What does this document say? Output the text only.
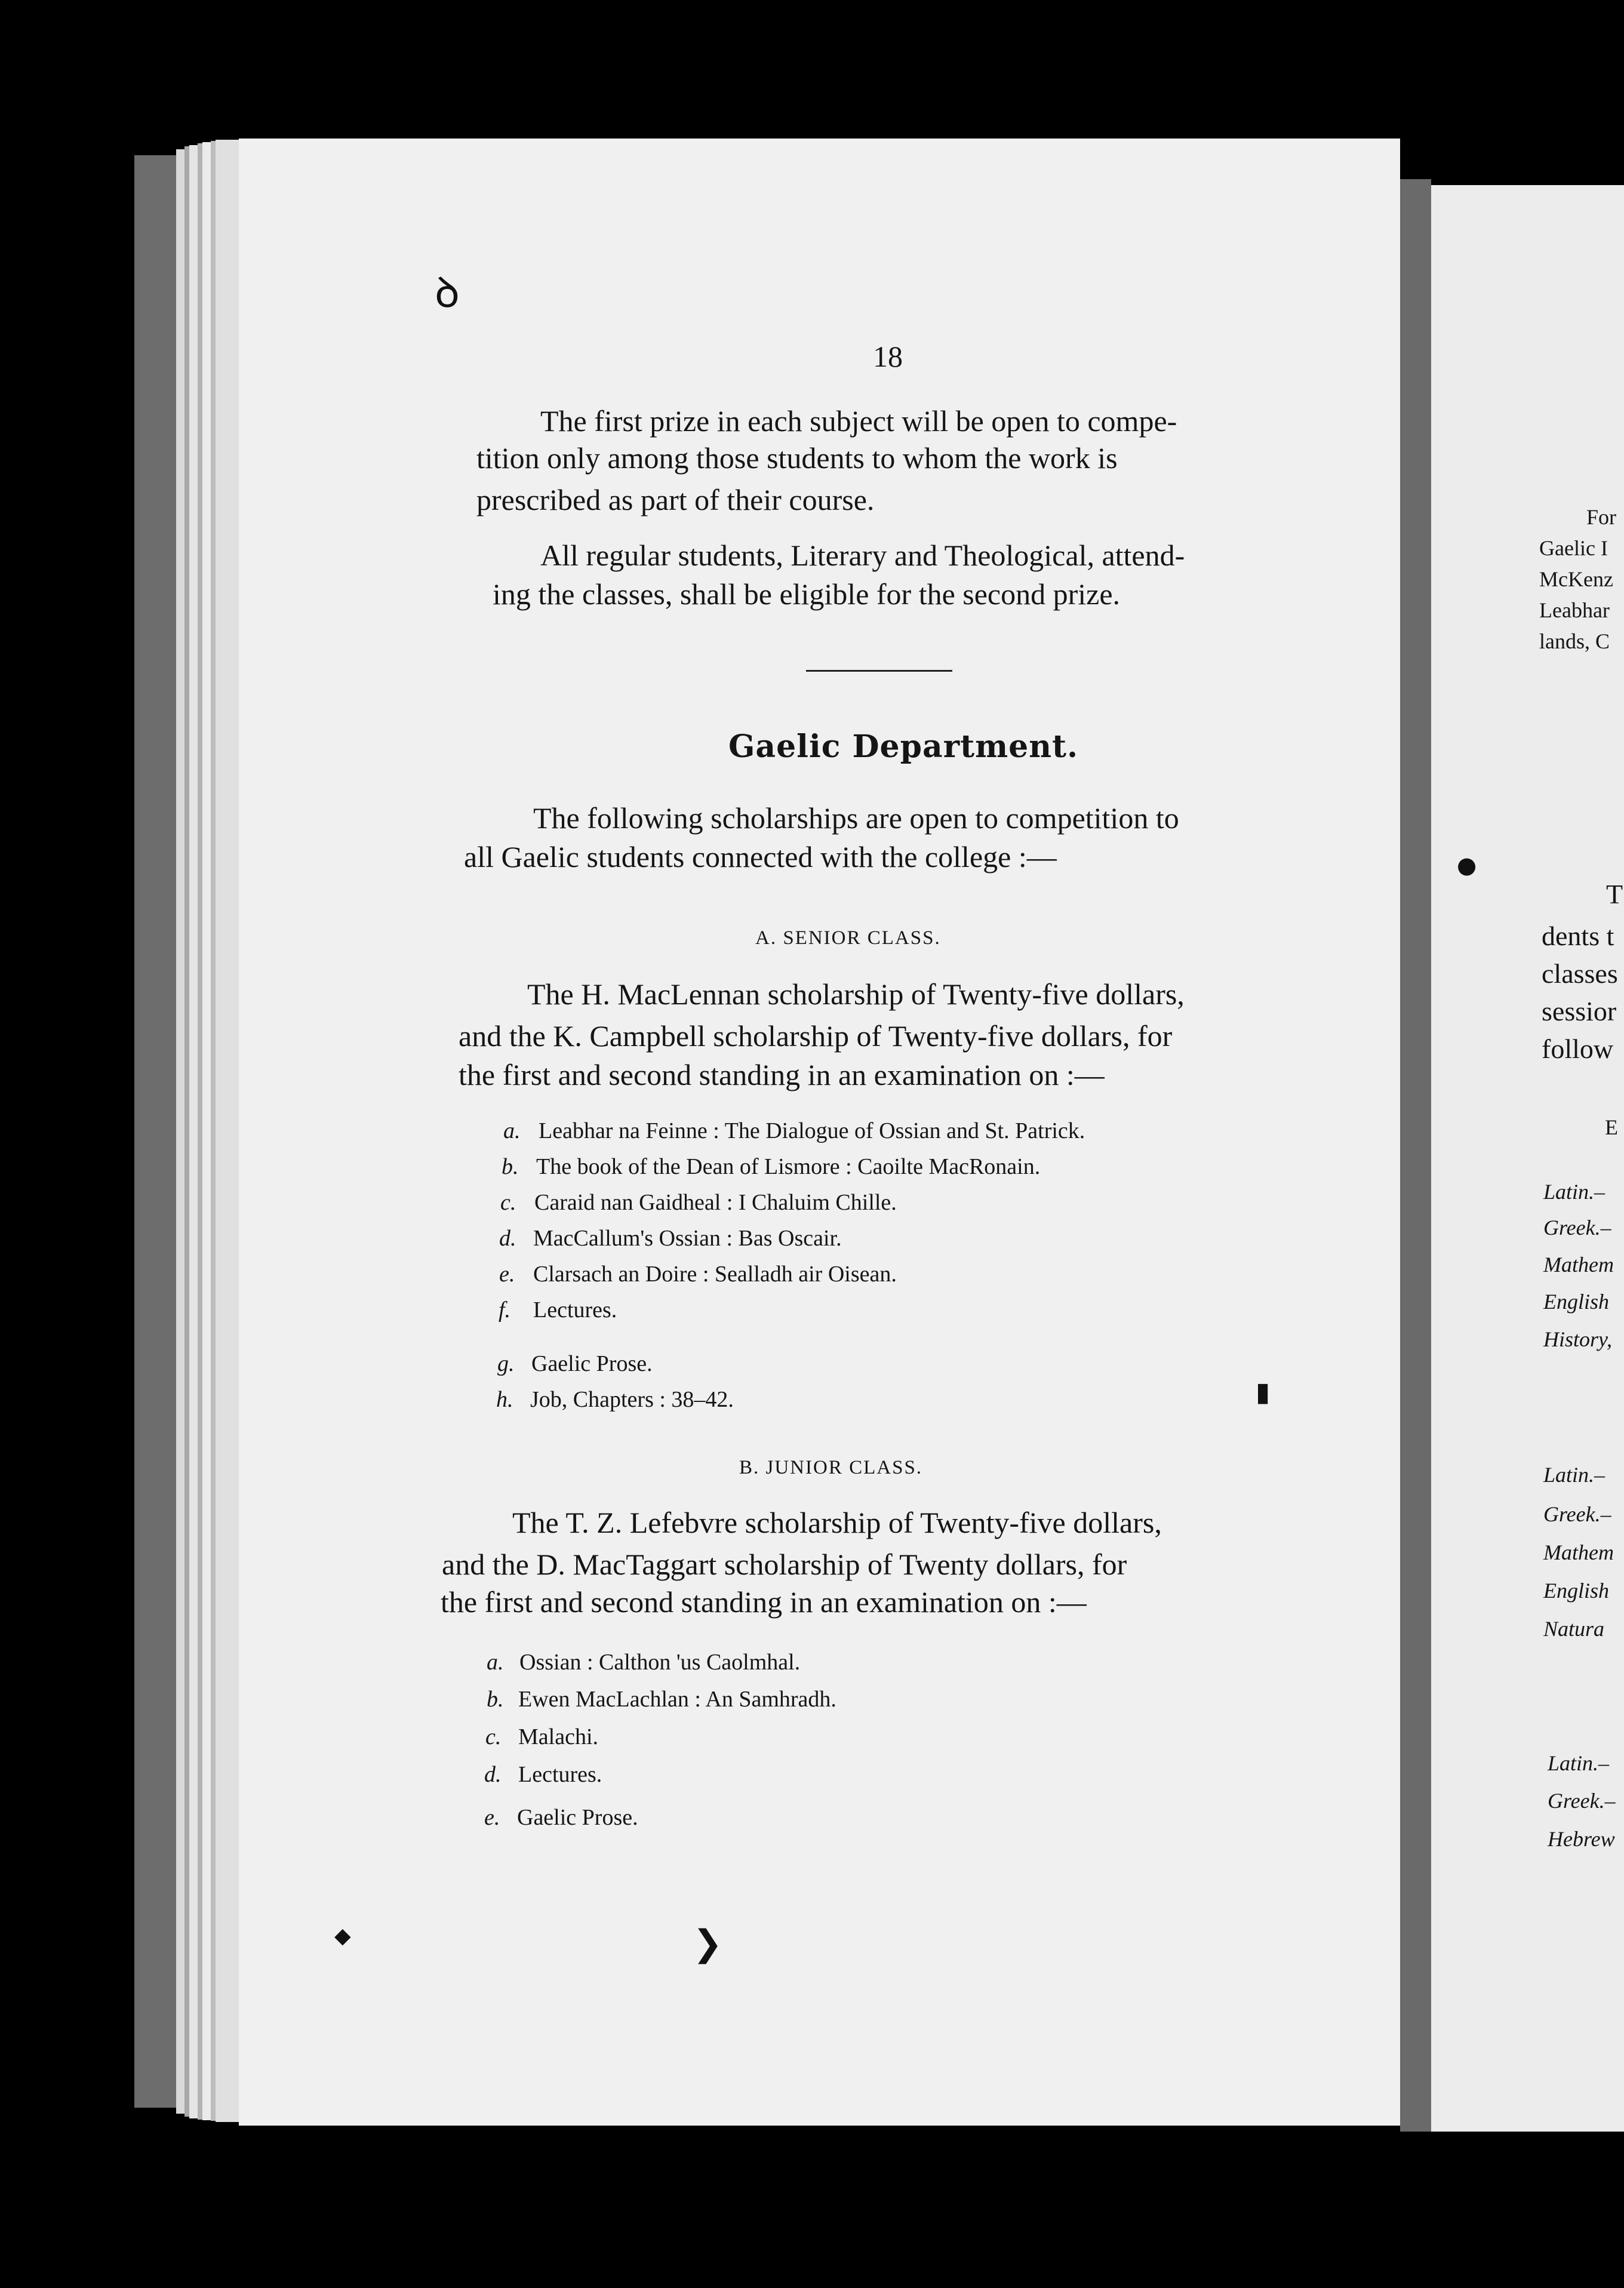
ꝺ
18
The first prize in each subject will be open to compe-
tition only among those students to whom the work is
prescribed as part of their course.
All regular students, Literary and Theological, attend-
ing the classes, shall be eligible for the second prize.
Gaelic Department.
The following scholarships are open to competition to
all Gaelic students connected with the college :—
A. SENIOR CLASS.
The H. MacLennan scholarship of Twenty-five dollars,
and the K. Campbell scholarship of Twenty-five dollars, for
the first and second standing in an examination on :—
a. Leabhar na Feinne : The Dialogue of Ossian and St. Patrick.
b. The book of the Dean of Lismore : Caoilte MacRonain.
c. Caraid nan Gaidheal : I Chaluim Chille.
d. MacCallum's Ossian : Bas Oscair.
e. Clarsach an Doire : Sealladh air Oisean.
f. Lectures.
g. Gaelic Prose.
h. Job, Chapters : 38–42.
B. JUNIOR CLASS.
The T. Z. Lefebvre scholarship of Twenty-five dollars,
and the D. MacTaggart scholarship of Twenty dollars, for
the first and second standing in an examination on :—
a. Ossian : Calthon 'us Caolmhal.
b. Ewen MacLachlan : An Samhradh.
c. Malachi.
d. Lectures.
e. Gaelic Prose.
▮
❯
◆
●
For
Gaelic I
McKenz
Leabhar
lands, C
T
dents t
classes
sessior
follow
E
Latin.–
Greek.–
Mathem
English
History,
Latin.–
Greek.–
Mathem
English
Natura
Latin.–
Greek.–
Hebrew
